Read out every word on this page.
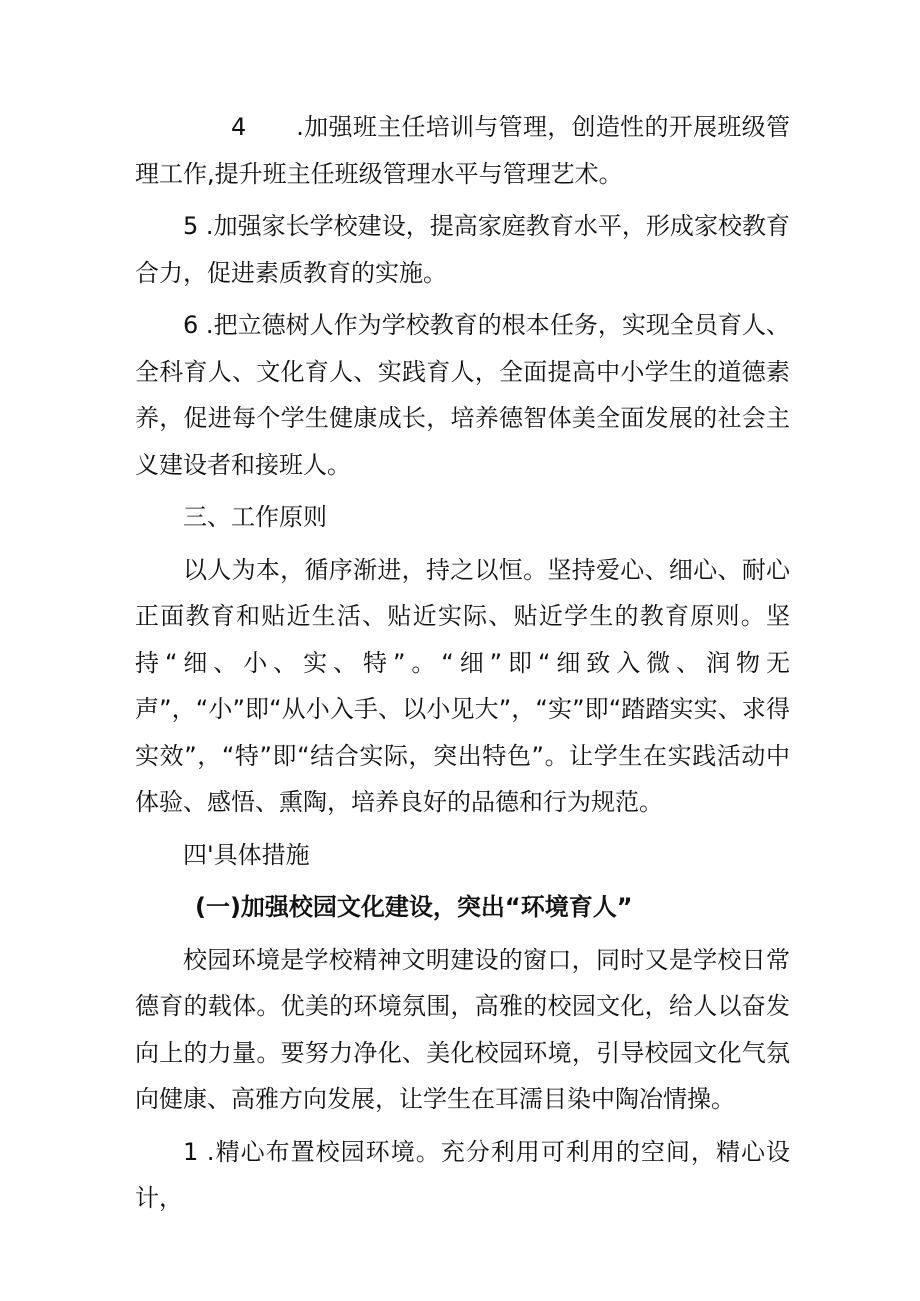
4 .加强班主任培训与管理，创造性的开展班级管理工作,提升班主任班级管理水平与管理艺术。

5 .加强家长学校建设，提高家庭教育水平，形成家校教育合力，促进素质教育的实施。

6 .把立德树人作为学校教育的根本任务，实现全员育人、全科育人、文化育人、实践育人，全面提高中小学生的道德素养，促进每个学生健康成长，培养德智体美全面发展的社会主义建设者和接班人。

三、工作原则

以人为本，循序渐进，持之以恒。坚持爱心、细心、耐心正面教育和贴近生活、贴近实际、贴近学生的教育原则。坚持“细、小、实、特”。“细”即“细致入微、润物无声”，“小”即“从小入手、以小见大”，“实”即“踏踏实实、求得实效”，“特”即“结合实际，突出特色”。让学生在实践活动中体验、感悟、熏陶，培养良好的品德和行为规范。

四'具体措施

(一)加强校园文化建设，突出“环境育人”

校园环境是学校精神文明建设的窗口，同时又是学校日常德育的载体。优美的环境氛围，高雅的校园文化，给人以奋发向上的力量。要努力净化、美化校园环境，引导校园文化气氛向健康、高雅方向发展，让学生在耳濡目染中陶冶情操。

1 .精心布置校园环境。充分利用可利用的空间，精心设计，
